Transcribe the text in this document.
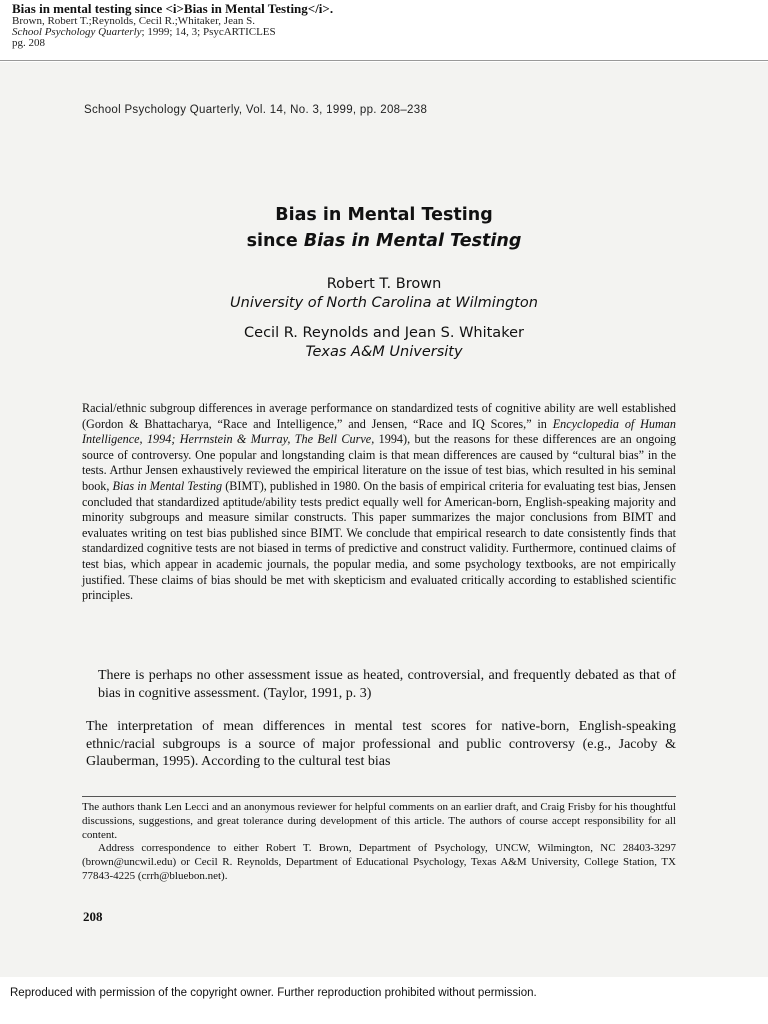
Bias in mental testing since <i>Bias in Mental Testing</i>.
Brown, Robert T.;Reynolds, Cecil R.;Whitaker, Jean S.
School Psychology Quarterly; 1999; 14, 3; PsycARTICLES
pg. 208
School Psychology Quarterly, Vol. 14, No. 3, 1999, pp. 208–238
Bias in Mental Testing
since Bias in Mental Testing
Robert T. Brown
University of North Carolina at Wilmington
Cecil R. Reynolds and Jean S. Whitaker
Texas A&M University
Racial/ethnic subgroup differences in average performance on standardized tests of cognitive ability are well established (Gordon & Bhattacharya, “Race and Intelligence,” and Jensen, “Race and IQ Scores,” in Encyclopedia of Human Intelligence, 1994; Herrnstein & Murray, The Bell Curve, 1994), but the reasons for these differences are an ongoing source of controversy. One popular and longstanding claim is that mean differences are caused by “cultural bias” in the tests. Arthur Jensen exhaustively reviewed the empirical literature on the issue of test bias, which resulted in his seminal book, Bias in Mental Testing (BIMT), published in 1980. On the basis of empirical criteria for evaluating test bias, Jensen concluded that standardized aptitude/ability tests predict equally well for American-born, English-speaking majority and minority subgroups and measure similar constructs. This paper summarizes the major conclusions from BIMT and evaluates writing on test bias published since BIMT. We conclude that empirical research to date consistently finds that standardized cognitive tests are not biased in terms of predictive and construct validity. Furthermore, continued claims of test bias, which appear in academic journals, the popular media, and some psychology textbooks, are not empirically justified. These claims of bias should be met with skepticism and evaluated critically according to established scientific principles.
There is perhaps no other assessment issue as heated, controversial, and frequently debated as that of bias in cognitive assessment. (Taylor, 1991, p. 3)
The interpretation of mean differences in mental test scores for native-born, English-speaking ethnic/racial subgroups is a source of major professional and public controversy (e.g., Jacoby & Glauberman, 1995). According to the cultural test bias

The authors thank Len Lecci and an anonymous reviewer for helpful comments on an earlier draft, and Craig Frisby for his thoughtful discussions, suggestions, and great tolerance during development of this article. The authors of course accept responsibility for all content.

Address correspondence to either Robert T. Brown, Department of Psychology, UNCW, Wilmington, NC 28403-3297 (brown@uncwil.edu) or Cecil R. Reynolds, Department of Educational Psychology, Texas A&M University, College Station, TX 77843-4225 (crrh@bluebon.net).

208
Reproduced with permission of the copyright owner. Further reproduction prohibited without permission.
